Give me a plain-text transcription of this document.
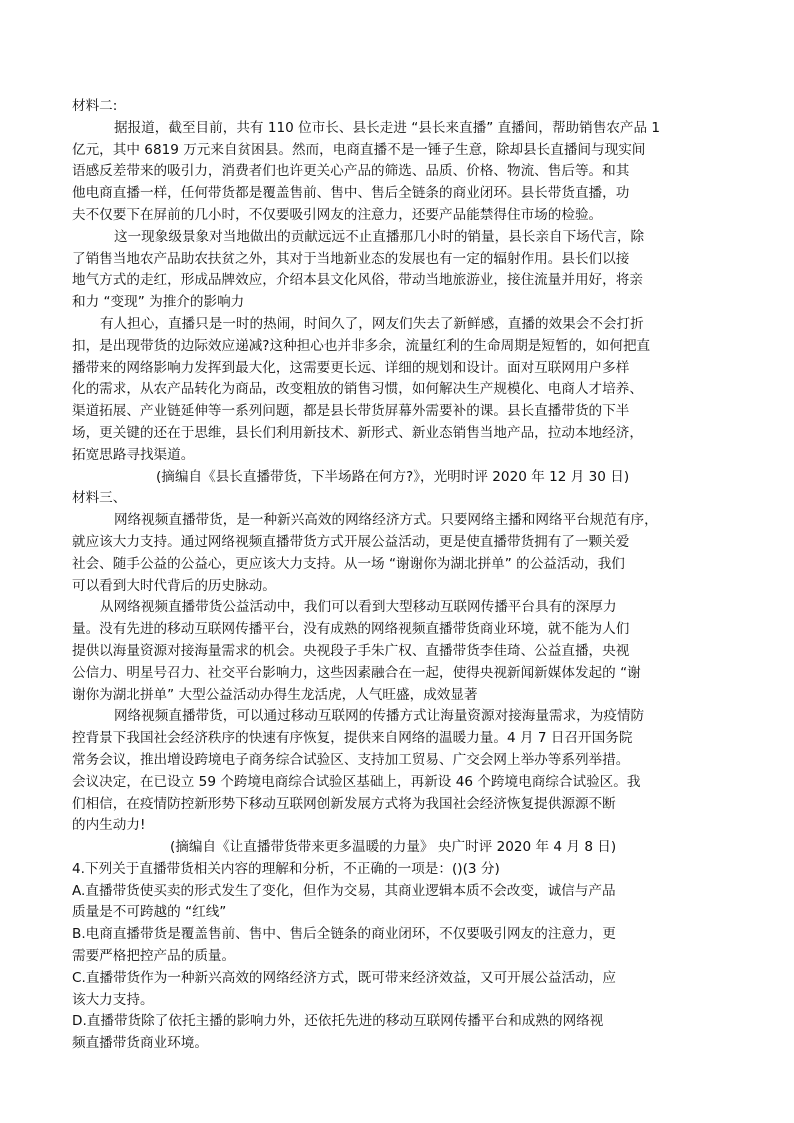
材料二:
据报道，截至目前，共有 110 位市长、县长走进 “县长来直播” 直播间，帮助销售农产品 1
亿元，其中 6819 万元来自贫困县。然而，电商直播不是一锤子生意，除却县长直播间与现实间
语感反差带来的吸引力，消费者们也许更关心产品的筛选、品质、价格、物流、售后等。和其
他电商直播一样，任何带货都是覆盖售前、售中、售后全链条的商业闭环。县长带货直播，功
夫不仅要下在屏前的几小时，不仅要吸引网友的注意力，还要产品能禁得住市场的检验。
这一现象级景象对当地做出的贡献远远不止直播那几小时的销量，县长亲自下场代言，除
了销售当地农产品助农扶贫之外，其对于当地新业态的发展也有一定的辐射作用。县长们以接
地气方式的走红，形成品牌效应，介绍本县文化风俗，带动当地旅游业，接住流量并用好，将亲
和力 “变现” 为推介的影响力
有人担心，直播只是一时的热闹，时间久了，网友们失去了新鲜感，直播的效果会不会打折
扣，是出现带货的边际效应递减?这种担心也并非多余，流量红利的生命周期是短暂的，如何把直
播带来的网络影响力发挥到最大化，这需要更长远、详细的规划和设计。面对互联网用户多样
化的需求，从农产品转化为商品，改变粗放的销售习惯，如何解决生产规模化、电商人才培养、
渠道拓展、产业链延伸等一系列问题，都是县长带货屏幕外需要补的课。县长直播带货的下半
场，更关键的还在于思维，县长们利用新技术、新形式、新业态销售当地产品，拉动本地经济，
拓宽思路寻找渠道。
(摘编自《县长直播带货，下半场路在何方?》，光明时评 2020 年 12 月 30 日)
材料三、
网络视频直播带货，是一种新兴高效的网络经济方式。只要网络主播和网络平台规范有序，
就应该大力支持。通过网络视频直播带货方式开展公益活动，更是使直播带货拥有了一颗关爱
社会、随手公益的公益心，更应该大力支持。从一场 “谢谢你为湖北拼单” 的公益活动，我们
可以看到大时代背后的历史脉动。
从网络视频直播带货公益活动中，我们可以看到大型移动互联网传播平台具有的深厚力
量。没有先进的移动互联网传播平台，没有成熟的网络视频直播带货商业环境，就不能为人们
提供以海量资源对接海量需求的机会。央视段子手朱广权、直播带货李佳琦、公益直播，央视
公信力、明星号召力、社交平台影响力，这些因素融合在一起，使得央视新闻新媒体发起的 “谢
谢你为湖北拼单” 大型公益活动办得生龙活虎，人气旺盛，成效显著
网络视频直播带货，可以通过移动互联网的传播方式让海量资源对接海量需求，为疫情防
控背景下我国社会经济秩序的快速有序恢复，提供来自网络的温暖力量。4 月 7 日召开国务院
常务会议，推出增设跨境电子商务综合试验区、支持加工贸易、广交会网上举办等系列举措。
会议决定，在已设立 59 个跨境电商综合试验区基础上，再新设 46 个跨境电商综合试验区。我
们相信，在疫情防控新形势下移动互联网创新发展方式将为我国社会经济恢复提供源源不断
的内生动力!
(摘编自《让直播带货带来更多温暖的力量》 央广时评 2020 年 4 月 8 日)
4.下列关于直播带货相关内容的理解和分析，不正确的一项是：()(3 分)
A.直播带货使买卖的形式发生了变化，但作为交易，其商业逻辑本质不会改变，诚信与产品
质量是不可跨越的 “红线”
B.电商直播带货是覆盖售前、售中、售后全链条的商业闭环，不仅要吸引网友的注意力，更
需要严格把控产品的质量。
C.直播带货作为一种新兴高效的网络经济方式，既可带来经济效益，又可开展公益活动，应
该大力支持。
D.直播带货除了依托主播的影响力外，还依托先进的移动互联网传播平台和成熟的网络视
频直播带货商业环境。
